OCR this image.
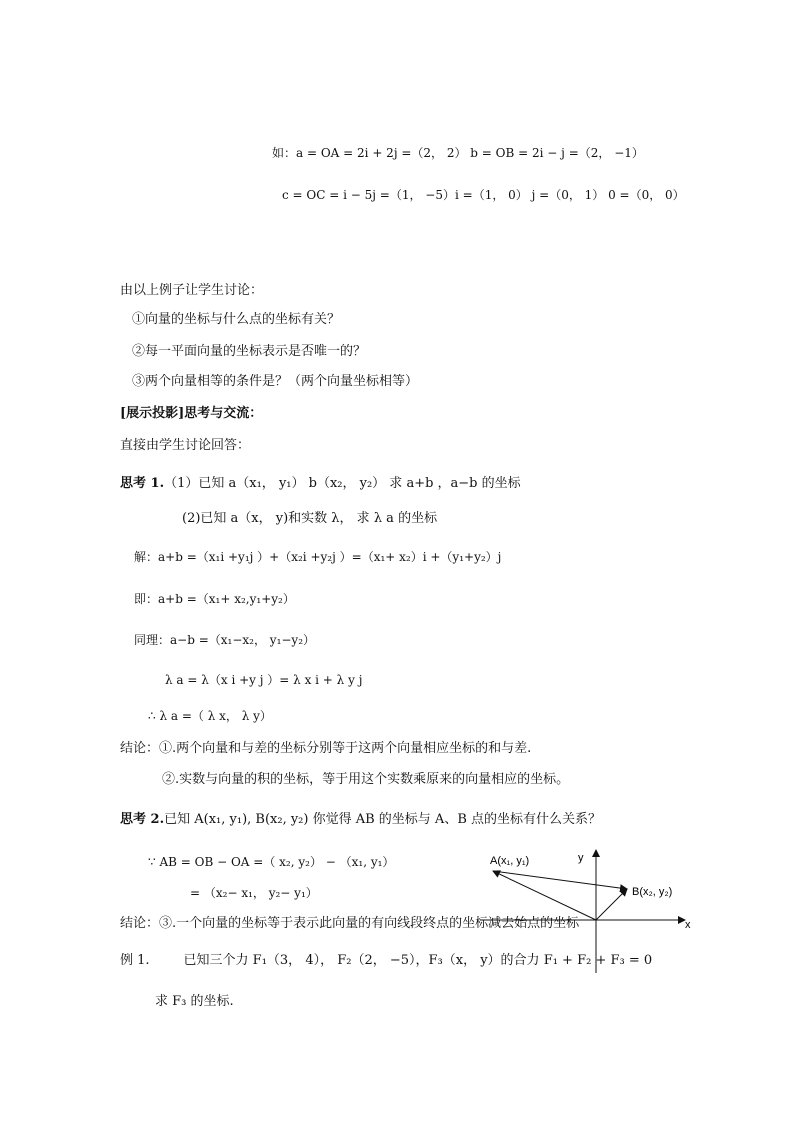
如：a = OA = 2i + 2j =（2， 2） b = OB = 2i − j =（2， −1）
c = OC = i − 5j =（1， −5）i =（1， 0） j =（0， 1） 0 =（0， 0）
由以上例子让学生讨论：
①向量的坐标与什么点的坐标有关？
②每一平面向量的坐标表示是否唯一的？
③两个向量相等的条件是？（两个向量坐标相等）
[展示投影]思考与交流：
直接由学生讨论回答：
思考 1.（1）已知 a（x₁， y₁） b（x₂， y₂） 求 a+b ，a−b 的坐标
(2)已知 a（x， y)和实数 λ， 求 λ a 的坐标
解：a+b =（x₁i +y₁j ）+（x₂i +y₂j ）=（x₁+ x₂）i +（y₁+y₂）j
即：a+b =（x₁+ x₂,y₁+y₂）
同理：a−b =（x₁−x₂， y₁−y₂）
λ a = λ（x i +y j ）= λ x i + λ y j
∴ λ a =（ λ x， λ y）
结论：①.两个向量和与差的坐标分别等于这两个向量相应坐标的和与差.
②.实数与向量的积的坐标，等于用这个实数乘原来的向量相应的坐标。
思考 2.已知 A(x₁, y₁), B(x₂, y₂) 你觉得 AB 的坐标与 A、B 点的坐标有什么关系？
∵ AB = OB − OA =（ x₂, y₂） − （x₁, y₁）
= （x₂− x₁， y₂− y₁）
A(x₁, y₁)
B(x₂, y₂)
x
y
结论：③.一个向量的坐标等于表示此向量的有向线段终点的坐标减去始点的坐标
例 1.	已知三个力 F₁（3， 4）， F₂（2， −5），F₃（x， y）的合力 F₁ + F₂ + F₃ = 0
求 F₃ 的坐标.
